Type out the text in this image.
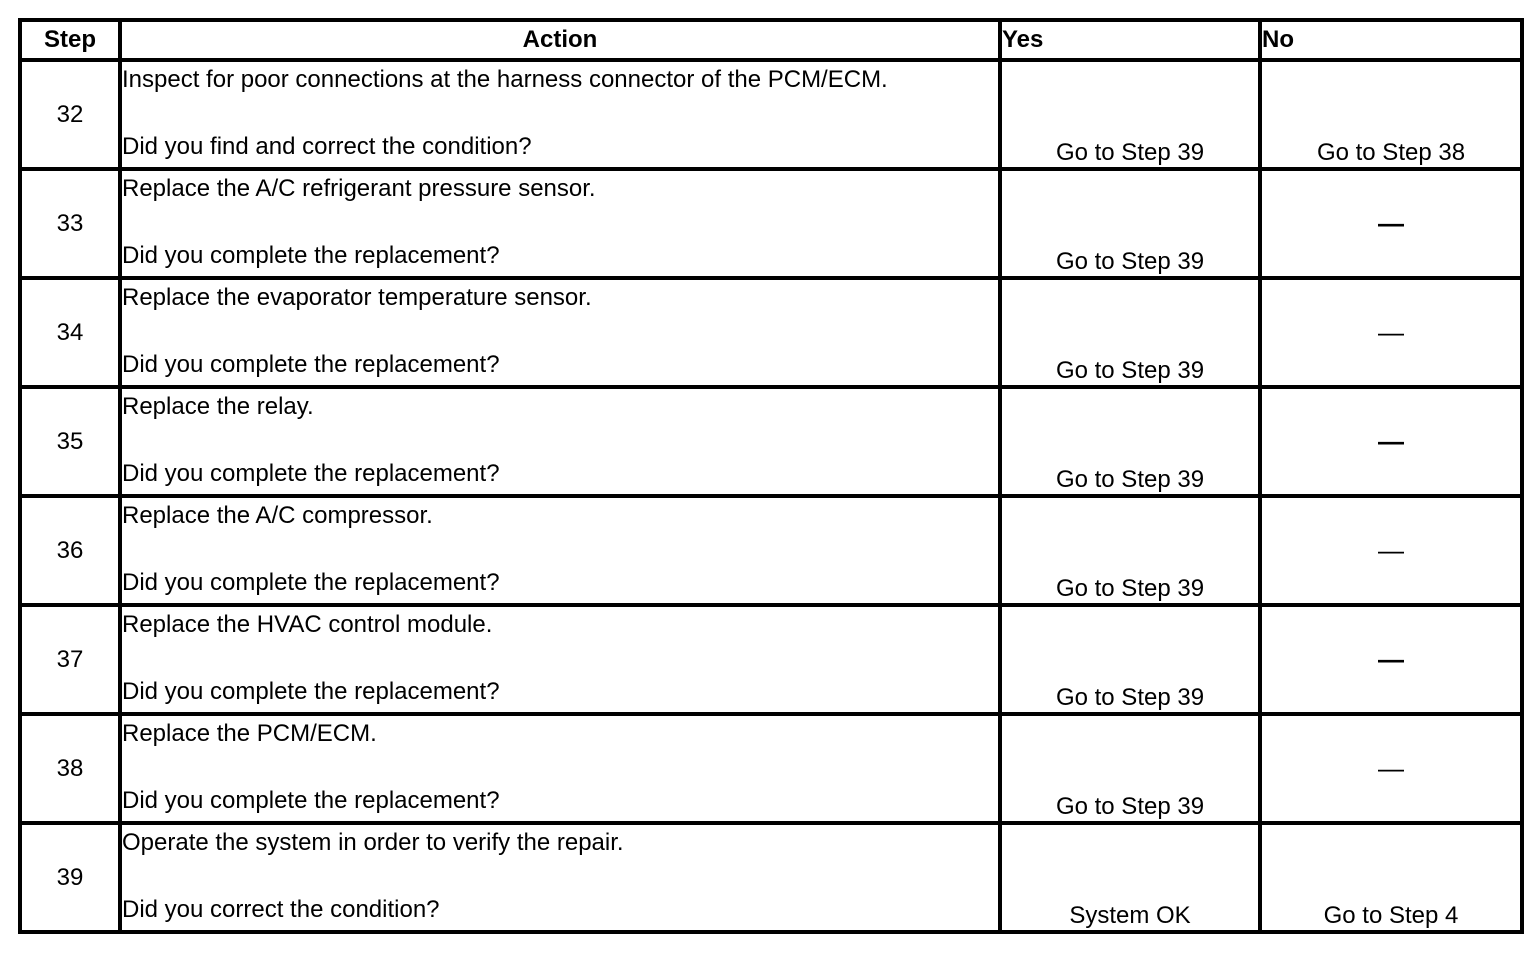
Step	Action	Yes	No
32	Inspect for poor connections at the harness connector of the PCM/ECM.
Did you find and correct the condition?	Go to Step 39	Go to Step 38
33	Replace the A/C refrigerant pressure sensor.
Did you complete the replacement?	Go to Step 39	—
34	Replace the evaporator temperature sensor.
Did you complete the replacement?	Go to Step 39	—
35	Replace the relay.
Did you complete the replacement?	Go to Step 39	—
36	Replace the A/C compressor.
Did you complete the replacement?	Go to Step 39	—
37	Replace the HVAC control module.
Did you complete the replacement?	Go to Step 39	—
38	Replace the PCM/ECM.
Did you complete the replacement?	Go to Step 39	—
39	Operate the system in order to verify the repair.
Did you correct the condition?	System OK	Go to Step 4
